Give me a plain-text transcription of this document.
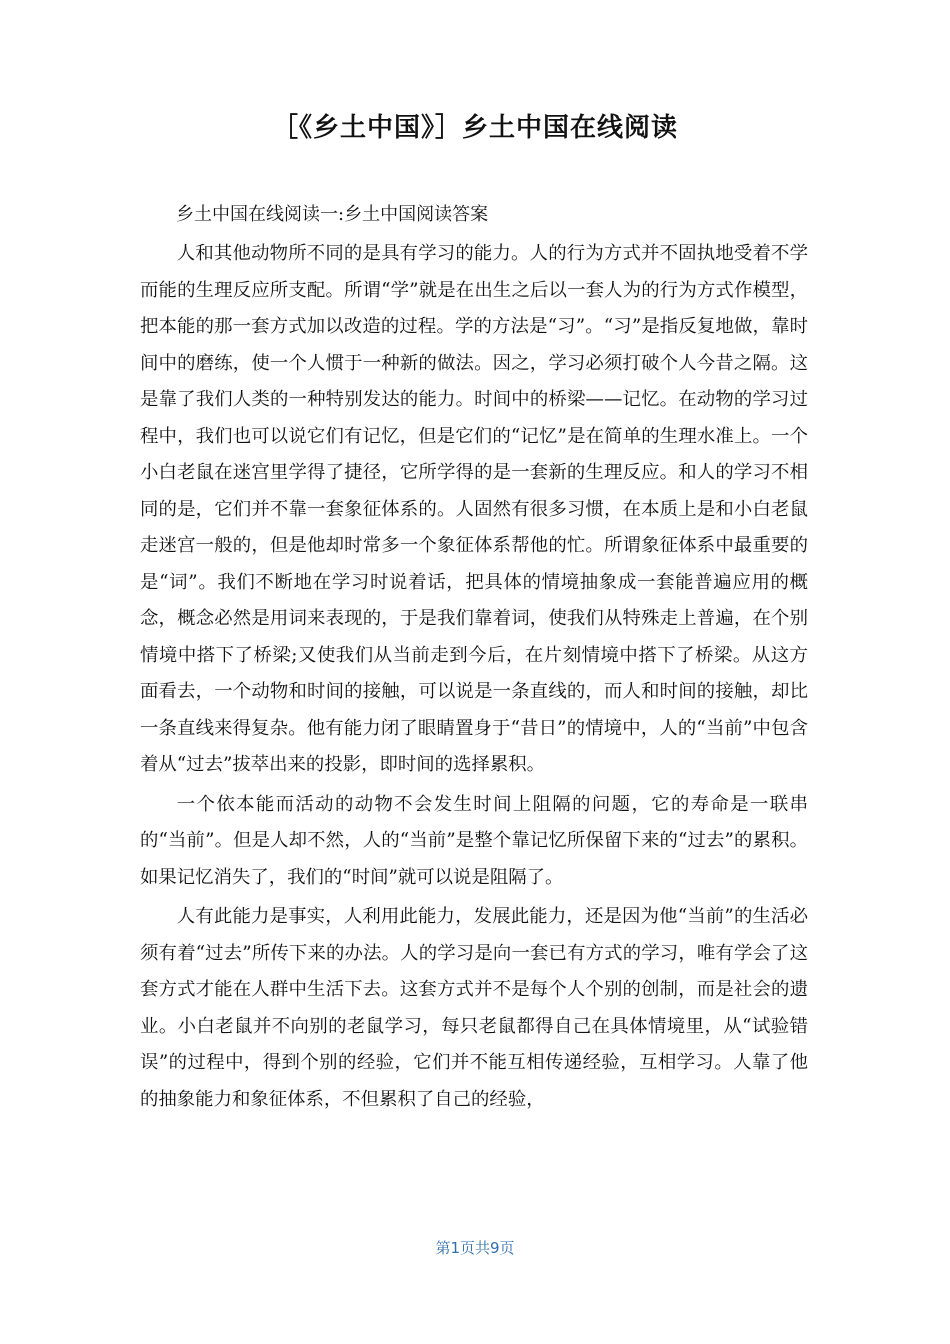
［《乡土中国》］乡土中国在线阅读

乡土中国在线阅读一:乡土中国阅读答案

人和其他动物所不同的是具有学习的能力。人的行为方式并不固执地受着不学而能的生理反应所支配。所谓“学”就是在出生之后以一套人为的行为方式作模型，把本能的那一套方式加以改造的过程。学的方法是“习”。“习”是指反复地做，靠时间中的磨练，使一个人惯于一种新的做法。因之，学习必须打破个人今昔之隔。这是靠了我们人类的一种特别发达的能力。时间中的桥梁——记忆。在动物的学习过程中，我们也可以说它们有记忆，但是它们的“记忆”是在简单的生理水准上。一个小白老鼠在迷宫里学得了捷径，它所学得的是一套新的生理反应。和人的学习不相同的是，它们并不靠一套象征体系的。人固然有很多习惯，在本质上是和小白老鼠走迷宫一般的，但是他却时常多一个象征体系帮他的忙。所谓象征体系中最重要的是“词”。我们不断地在学习时说着话，把具体的情境抽象成一套能普遍应用的概念，概念必然是用词来表现的，于是我们靠着词，使我们从特殊走上普遍，在个别情境中搭下了桥梁;又使我们从当前走到今后，在片刻情境中搭下了桥梁。从这方面看去，一个动物和时间的接触，可以说是一条直线的，而人和时间的接触，却比一条直线来得复杂。他有能力闭了眼睛置身于“昔日”的情境中，人的“当前”中包含着从“过去”拔萃出来的投影，即时间的选择累积。

一个依本能而活动的动物不会发生时间上阻隔的问题，它的寿命是一联串的“当前”。但是人却不然，人的“当前”是整个靠记忆所保留下来的“过去”的累积。如果记忆消失了，我们的“时间”就可以说是阻隔了。

人有此能力是事实，人利用此能力，发展此能力，还是因为他“当前”的生活必须有着“过去”所传下来的办法。人的学习是向一套已有方式的学习，唯有学会了这套方式才能在人群中生活下去。这套方式并不是每个人个别的创制，而是社会的遗业。小白老鼠并不向别的老鼠学习，每只老鼠都得自己在具体情境里，从“试验错误”的过程中，得到个别的经验，它们并不能互相传递经验，互相学习。人靠了他的抽象能力和象征体系，不但累积了自己的经验，

第1页共9页
